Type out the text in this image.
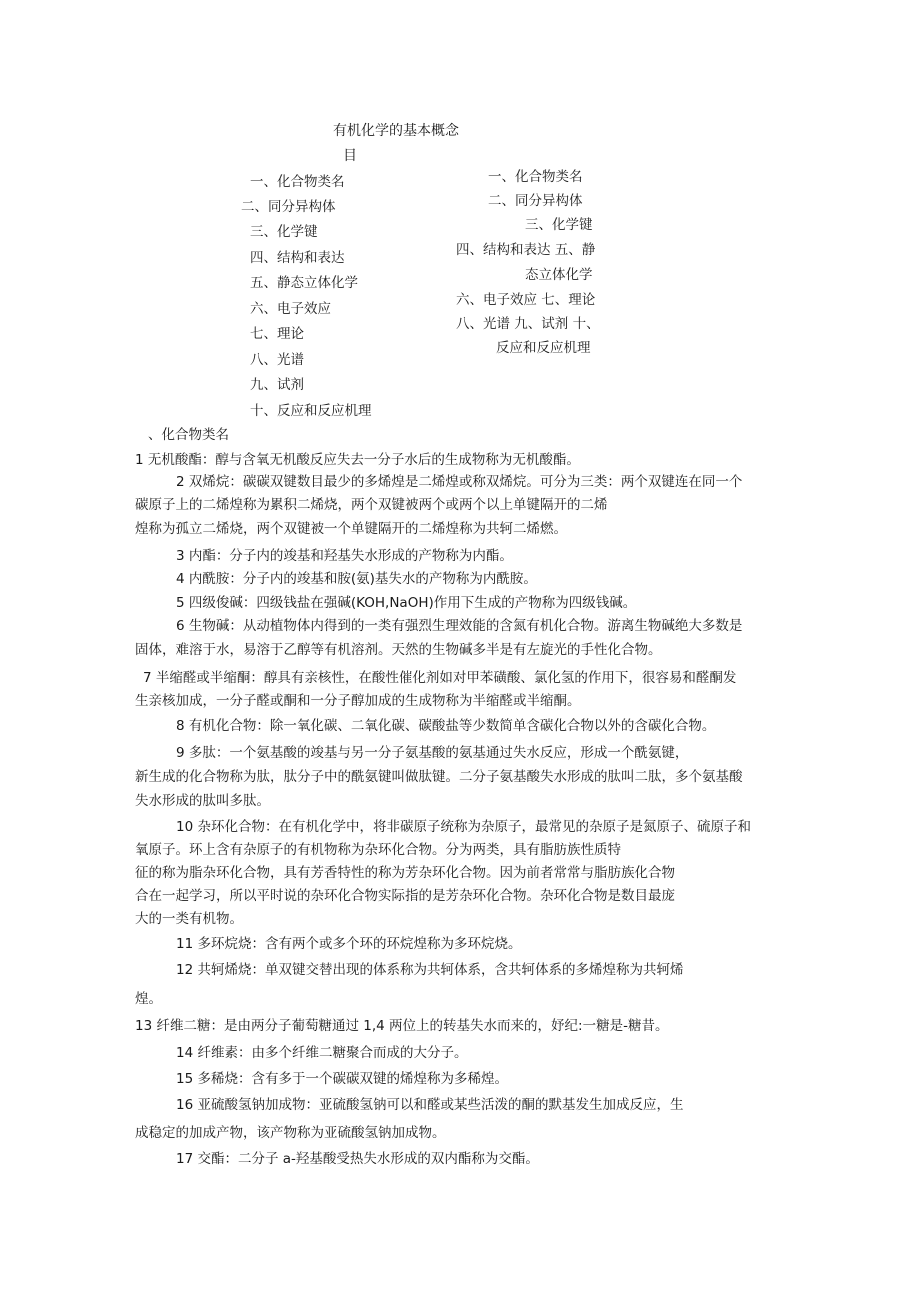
有机化学的基本概念
目
一、化合物类名
二、同分异构体
三、化学键
四、结构和表达
五、静态立体化学
六、电子效应
七、理论
八、光谱
九、试剂
十、反应和反应机理
一、化合物类名
二、同分异构体
三、化学键
四、结构和表达 五、静
态立体化学
六、电子效应 七、理论
八、光谱 九、试剂 十、
反应和反应机理
、化合物类名
1 无机酸酯：醇与含氧无机酸反应失去一分子水后的生成物称为无机酸酯。
2 双烯烷：碳碳双键数目最少的多烯煌是二烯煌或称双烯烷。可分为三类：两个双键连在同一个
碳原子上的二烯煌称为累积二烯烧，两个双键被两个或两个以上单键隔开的二烯
煌称为孤立二烯烧，两个双键被一个单键隔开的二烯煌称为共轲二烯燃。
3 内酯：分子内的竣基和羟基失水形成的产物称为内酯。
4 内酰胺：分子内的竣基和胺(氨)基失水的产物称为内酰胺。
5 四级俊碱：四级钱盐在强碱(KOH,NaOH)作用下生成的产物称为四级钱碱。
6 生物碱：从动植物体内得到的一类有强烈生理效能的含氮有机化合物。游离生物碱绝大多数是
固体，难溶于水，易溶于乙醇等有机溶剂。天然的生物碱多半是有左旋光的手性化合物。
7 半缩醛或半缩酮：醇具有亲核性，在酸性催化剂如对甲苯磺酸、氯化氢的作用下，很容易和醛酮发
生亲核加成，一分子醛或酮和一分子醇加成的生成物称为半缩醛或半缩酮。
8 有机化合物：除一氧化碳、二氧化碳、碳酸盐等少数简单含碳化合物以外的含碳化合物。
9 多肽：一个氨基酸的竣基与另一分子氨基酸的氨基通过失水反应，形成一个酰氨键，
新生成的化合物称为肽，肽分子中的酰氨键叫做肽键。二分子氨基酸失水形成的肽叫二肽，多个氨基酸
失水形成的肽叫多肽。
10 杂环化合物：在有机化学中，将非碳原子统称为杂原子，最常见的杂原子是氮原子、硫原子和
氧原子。环上含有杂原子的有机物称为杂环化合物。分为两类，具有脂肪族性质特
征的称为脂杂环化合物，具有芳香特性的称为芳杂环化合物。因为前者常常与脂肪族化合物
合在一起学习，所以平时说的杂环化合物实际指的是芳杂环化合物。杂环化合物是数目最庞
大的一类有机物。
11 多环烷烧：含有两个或多个环的环烷煌称为多环烷烧。
12 共轲烯烧：单双键交替出现的体系称为共轲体系，含共轲体系的多烯煌称为共轲烯
煌。
13 纤维二糖：是由两分子葡萄糖通过 1,4 两位上的转基失水而来的，妤纪:一糖是-糖昔。
14 纤维素：由多个纤维二糖聚合而成的大分子。
15 多稀烧：含有多于一个碳碳双键的烯煌称为多稀煌。
16 亚硫酸氢钠加成物：亚硫酸氢钠可以和醛或某些活泼的酮的默基发生加成反应，生
成稳定的加成产物，该产物称为亚硫酸氢钠加成物。
17 交酯：二分子 a-羟基酸受热失水形成的双内酯称为交酯。
